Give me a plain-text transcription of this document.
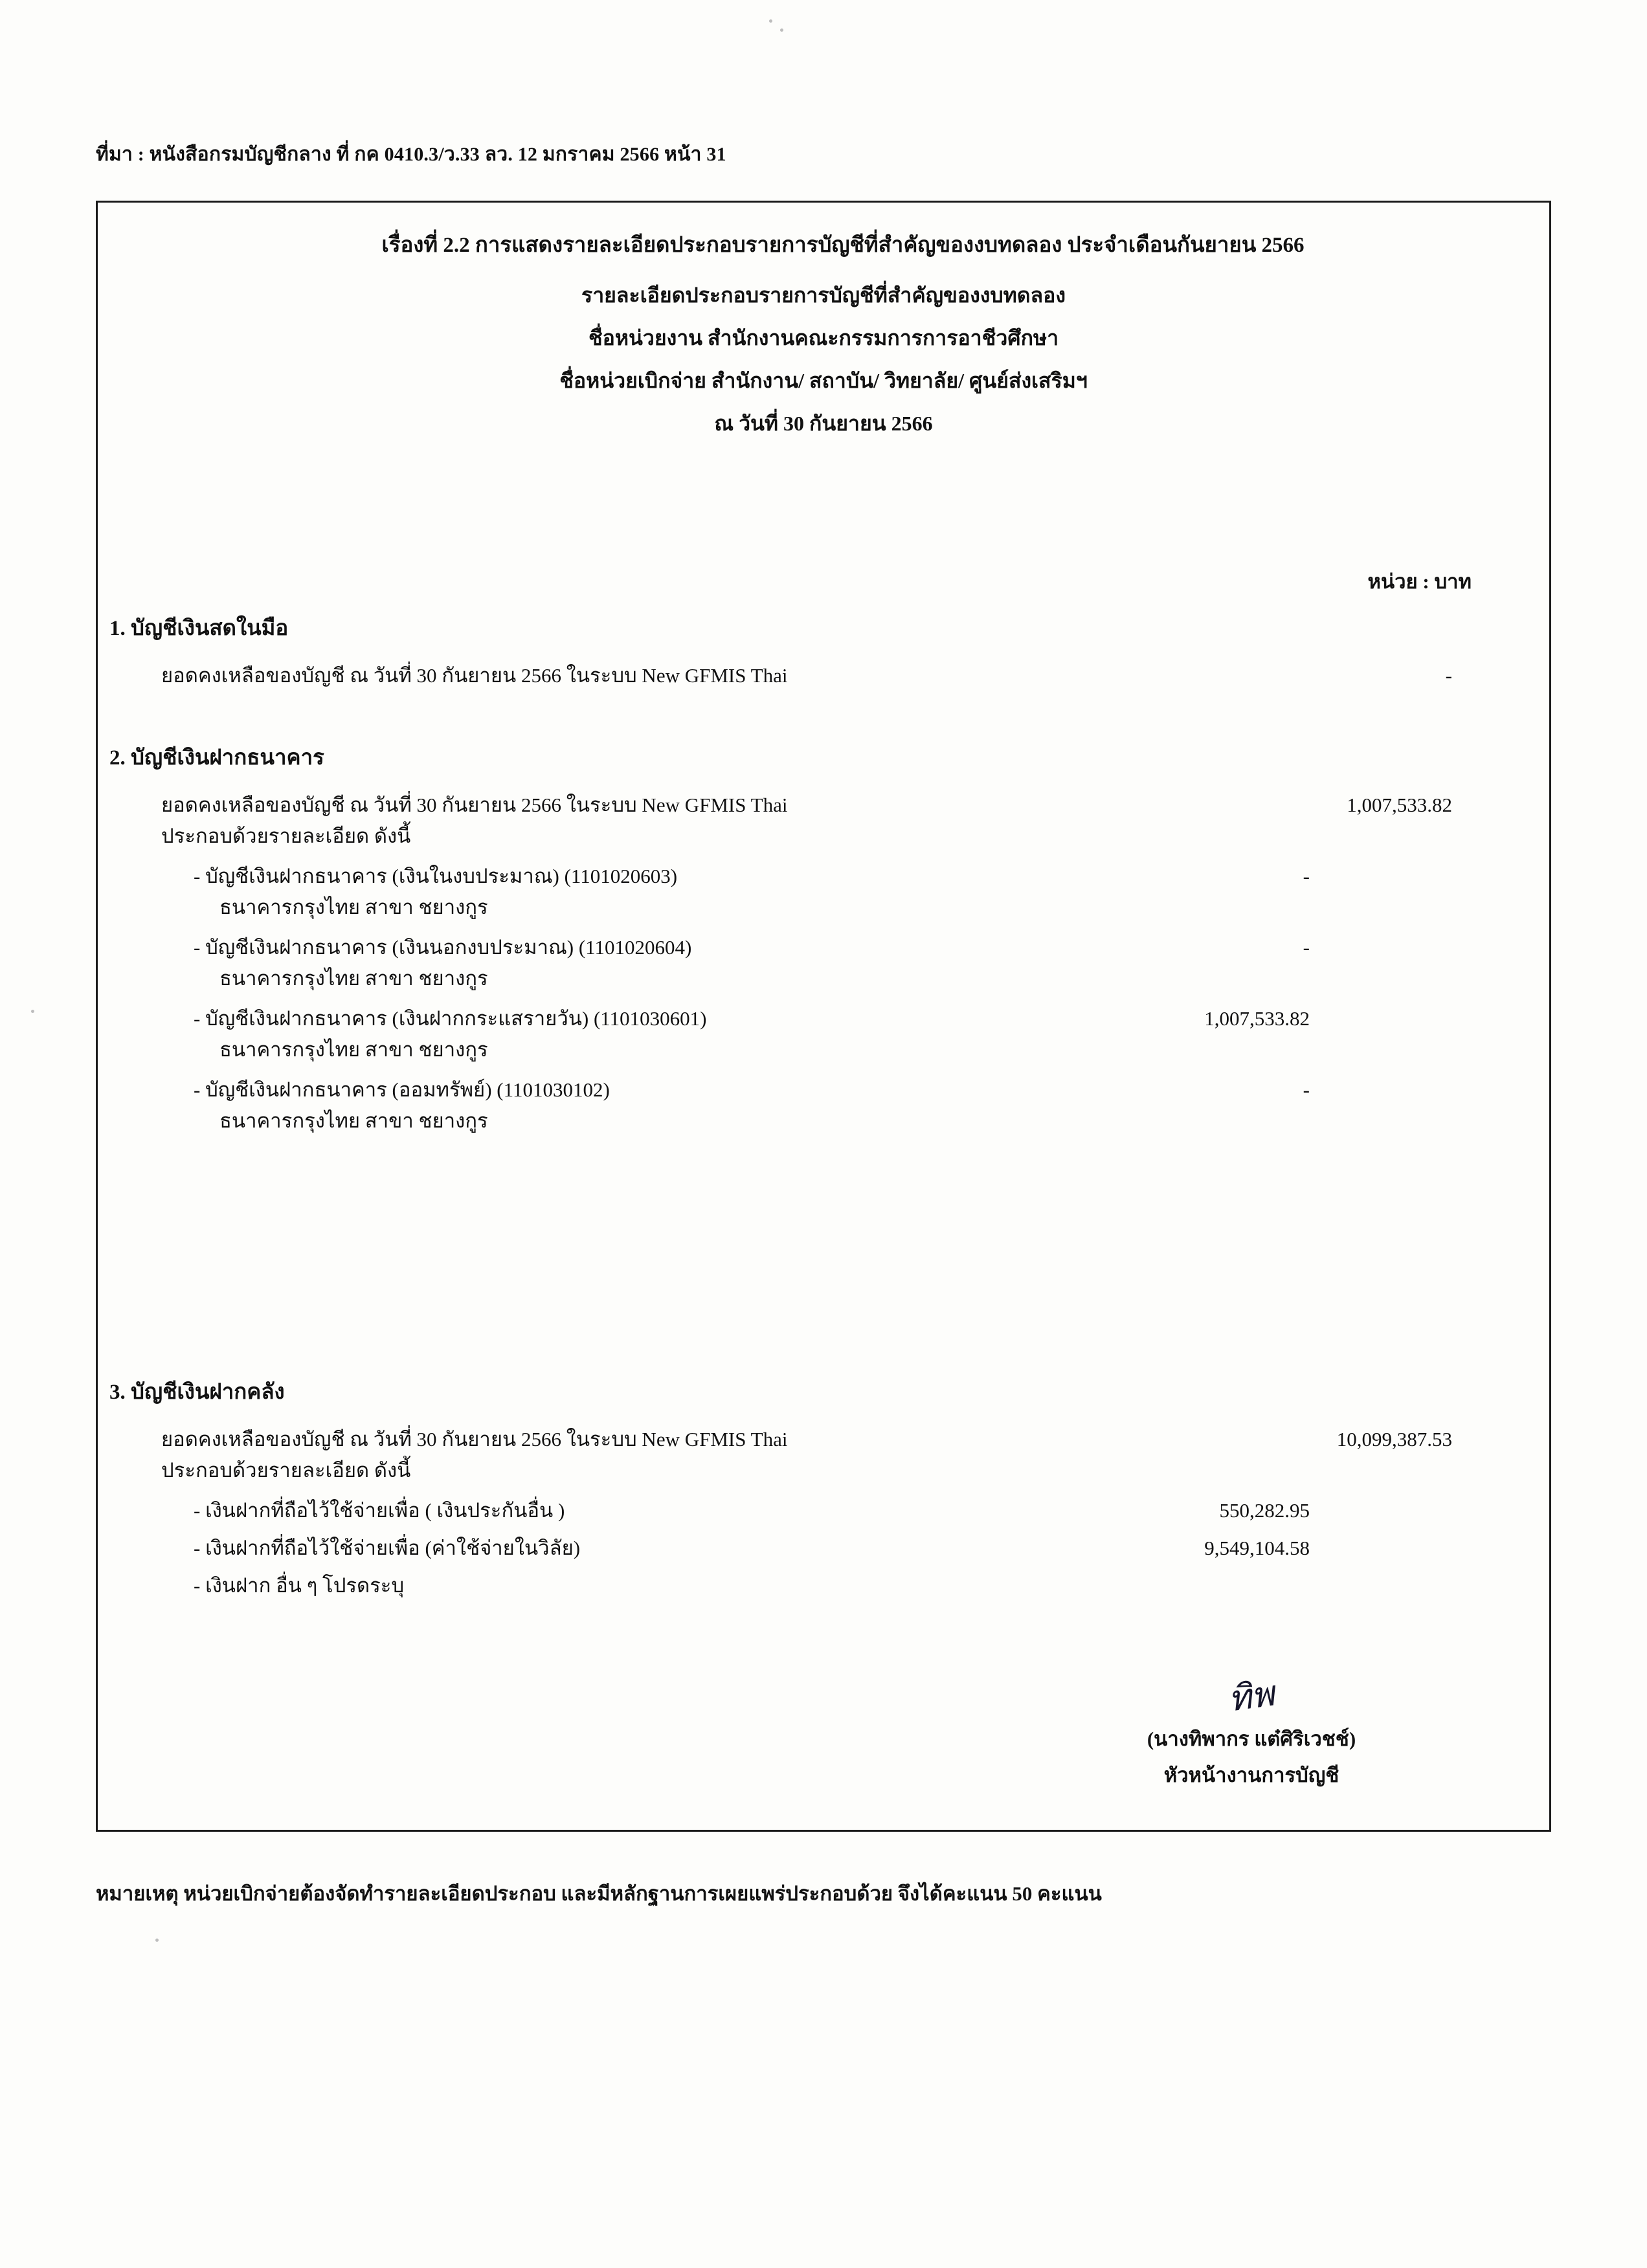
ที่มา : หนังสือกรมบัญชีกลาง ที่ กค 0410.3/ว.33 ลว. 12 มกราคม 2566 หน้า 31
เรื่องที่ 2.2 การแสดงรายละเอียดประกอบรายการบัญชีที่สำคัญของงบทดลอง ประจำเดือนกันยายน 2566
รายละเอียดประกอบรายการบัญชีที่สำคัญของงบทดลอง
ชื่อหน่วยงาน สำนักงานคณะกรรมการการอาชีวศึกษา
ชื่อหน่วยเบิกจ่าย สำนักงาน/ สถาบัน/ วิทยาลัย/ ศูนย์ส่งเสริมฯ
ณ วันที่ 30 กันยายน 2566
หน่วย : บาท
1. บัญชีเงินสดในมือ
ยอดคงเหลือของบัญชี ณ วันที่ 30 กันยายน 2566 ในระบบ New GFMIS Thai	-
2. บัญชีเงินฝากธนาคาร
ยอดคงเหลือของบัญชี ณ วันที่ 30 กันยายน 2566 ในระบบ New GFMIS Thai	1,007,533.82
ประกอบด้วยรายละเอียด ดังนี้
- บัญชีเงินฝากธนาคาร (เงินในงบประมาณ) (1101020603)	-
ธนาคารกรุงไทย สาขา ชยางกูร
- บัญชีเงินฝากธนาคาร (เงินนอกงบประมาณ) (1101020604)	-
ธนาคารกรุงไทย สาขา ชยางกูร
- บัญชีเงินฝากธนาคาร (เงินฝากกระแสรายวัน) (1101030601)	1,007,533.82
ธนาคารกรุงไทย สาขา ชยางกูร
- บัญชีเงินฝากธนาคาร (ออมทรัพย์) (1101030102)	-
ธนาคารกรุงไทย สาขา ชยางกูร
3. บัญชีเงินฝากคลัง
ยอดคงเหลือของบัญชี ณ วันที่ 30 กันยายน 2566 ในระบบ New GFMIS Thai	10,099,387.53
ประกอบด้วยรายละเอียด ดังนี้
- เงินฝากที่ถือไว้ใช้จ่ายเพื่อ ( เงินประกันอื่น )	550,282.95
- เงินฝากที่ถือไว้ใช้จ่ายเพื่อ (ค่าใช้จ่ายในวิลัย)	9,549,104.58
- เงินฝาก อื่น ๆ โปรดระบุ
ทิพ
(นางทิพากร แต๋ศิริเวชช์)
หัวหน้างานการบัญชี
หมายเหตุ หน่วยเบิกจ่ายต้องจัดทำรายละเอียดประกอบ และมีหลักฐานการเผยแพร่ประกอบด้วย จึงได้คะแนน 50 คะแนน
